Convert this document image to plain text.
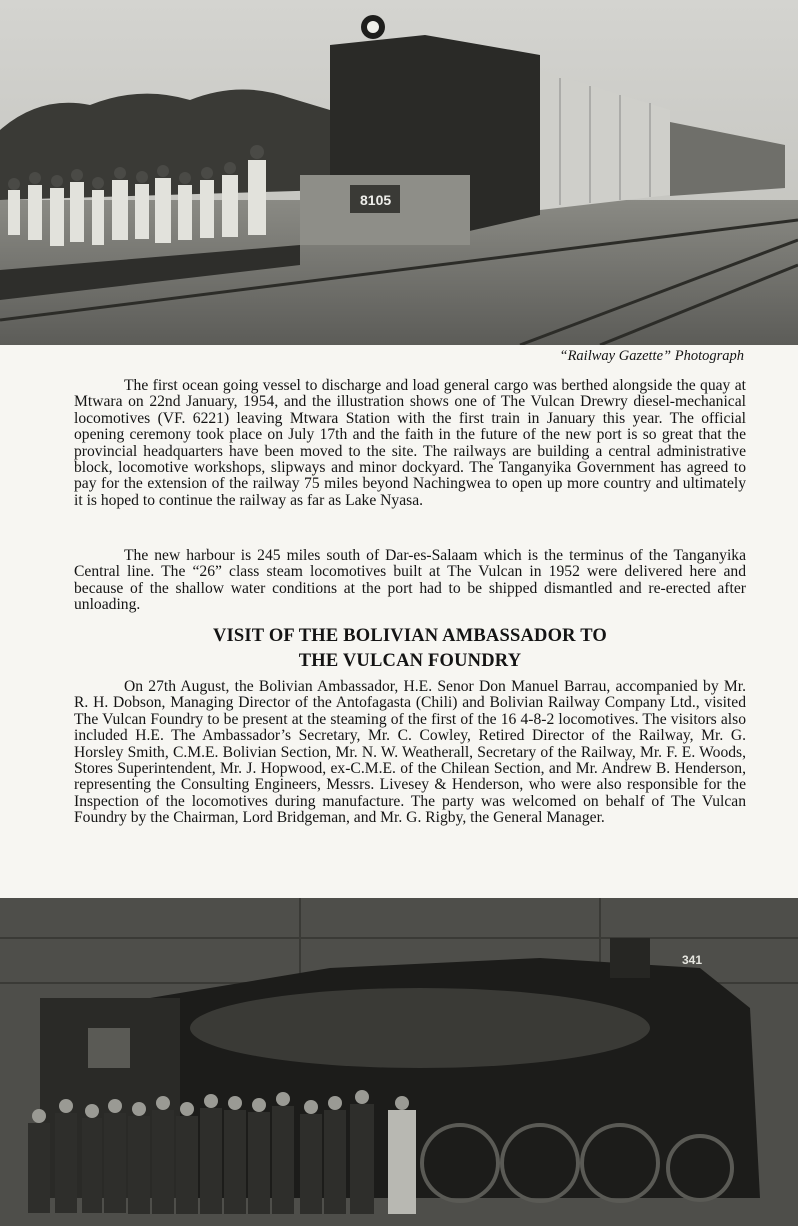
8105
“Railway Gazette” Photograph

The first ocean going vessel to discharge and load general cargo was berthed alongside the quay at Mtwara on 22nd January, 1954, and the illustration shows one of The Vulcan Drewry diesel-mechanical locomotives (VF. 6221) leaving Mtwara Station with the first train in January this year. The official opening ceremony took place on July 17th and the faith in the future of the new port is so great that the provincial headquarters have been moved to the site. The railways are building a central administrative block, locomotive workshops, slipways and minor dockyard. The Tanganyika Government has agreed to pay for the extension of the railway 75 miles beyond Nachingwea to open up more country and ultimately it is hoped to continue the railway as far as Lake Nyasa.

The new harbour is 245 miles south of Dar-es-Salaam which is the terminus of the Tanganyika Central line. The “26” class steam locomotives built at The Vulcan in 1952 were delivered here and because of the shallow water conditions at the port had to be shipped dismantled and re-erected after unloading.

VISIT OF THE BOLIVIAN AMBASSADOR TO
THE VULCAN FOUNDRY

On 27th August, the Bolivian Ambassador, H.E. Senor Don Manuel Barrau, accompanied by Mr. R. H. Dobson, Managing Director of the Antofagasta (Chili) and Bolivian Railway Company Ltd., visited The Vulcan Foundry to be present at the steaming of the first of the 16 4-8-2 locomotives. The visitors also included H.E. The Ambassador’s Secretary, Mr. C. Cowley, Retired Director of the Railway, Mr. G. Horsley Smith, C.M.E. Bolivian Section, Mr. N. W. Weatherall, Secretary of the Railway, Mr. F. E. Woods, Stores Superintendent, Mr. J. Hopwood, ex-C.M.E. of the Chilean Section, and Mr. Andrew B. Henderson, representing the Consulting Engineers, Messrs. Livesey & Henderson, who were also responsible for the Inspection of the locomotives during manufacture. The party was welcomed on behalf of The Vulcan Foundry by the Chairman, Lord Bridgeman, and Mr. G. Rigby, the General Manager.

341
